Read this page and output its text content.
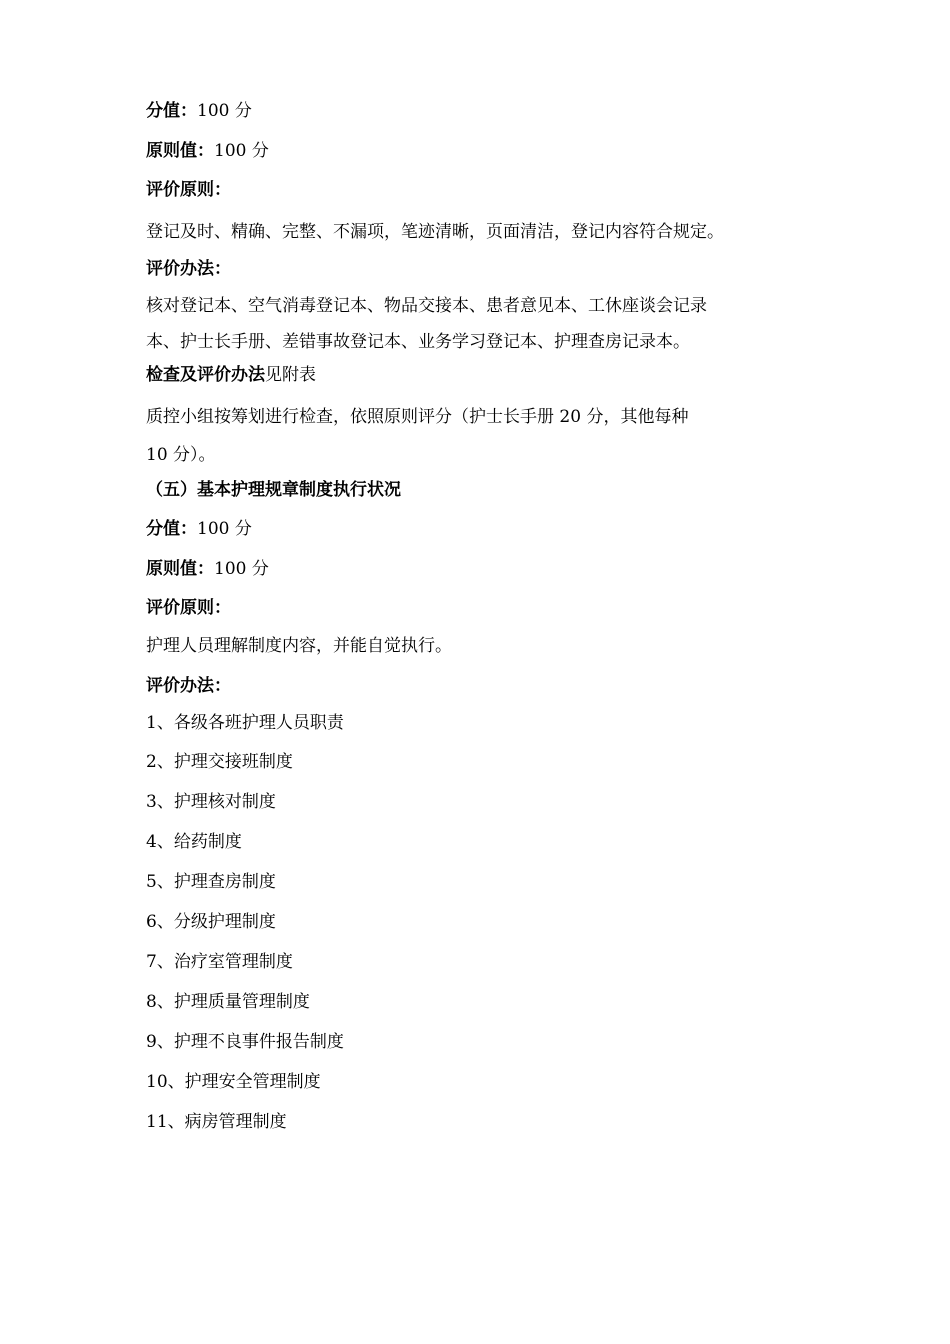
分值：100 分
原则值：100 分
评价原则：
登记及时、精确、完整、不漏项，笔迹清晰，页面清洁，登记内容符合规定。
评价办法：
核对登记本、空气消毒登记本、物品交接本、患者意见本、工休座谈会记录
本、护士长手册、差错事故登记本、业务学习登记本、护理查房记录本。
检查及评价办法见附表
质控小组按筹划进行检查，依照原则评分（护士长手册 20 分，其他每种
10 分）。
（五）基本护理规章制度执行状况
分值：100 分
原则值：100 分
评价原则：
护理人员理解制度内容，并能自觉执行。
评价办法：
1、各级各班护理人员职责
2、护理交接班制度
3、护理核对制度
4、给药制度
5、护理查房制度
6、分级护理制度
7、治疗室管理制度
8、护理质量管理制度
9、护理不良事件报告制度
10、护理安全管理制度
11、病房管理制度
